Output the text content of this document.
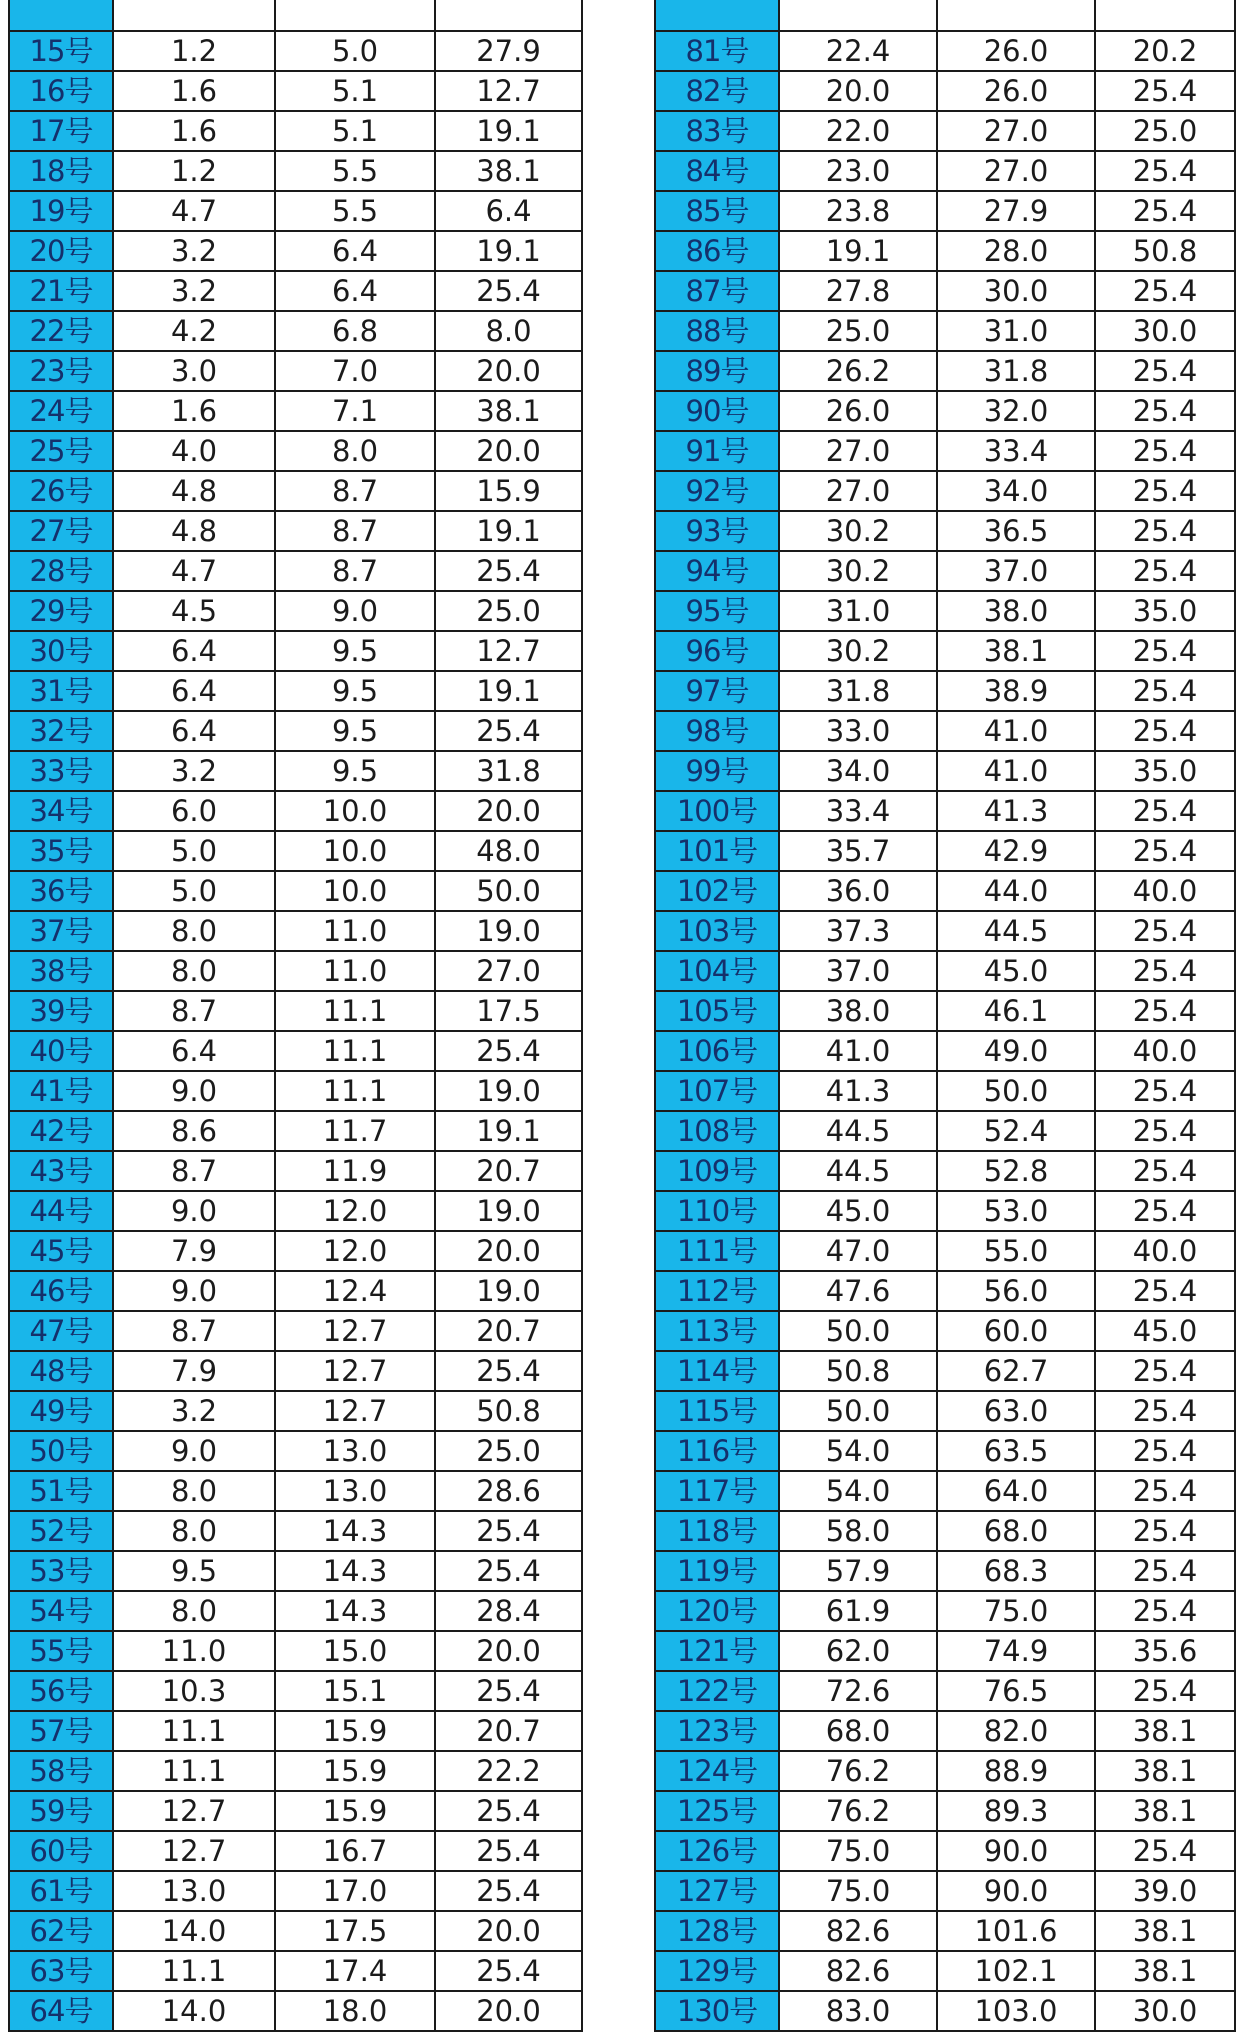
15号	1.2	5.0	27.9
16号	1.6	5.1	12.7
17号	1.6	5.1	19.1
18号	1.2	5.5	38.1
19号	4.7	5.5	6.4
20号	3.2	6.4	19.1
21号	3.2	6.4	25.4
22号	4.2	6.8	8.0
23号	3.0	7.0	20.0
24号	1.6	7.1	38.1
25号	4.0	8.0	20.0
26号	4.8	8.7	15.9
27号	4.8	8.7	19.1
28号	4.7	8.7	25.4
29号	4.5	9.0	25.0
30号	6.4	9.5	12.7
31号	6.4	9.5	19.1
32号	6.4	9.5	25.4
33号	3.2	9.5	31.8
34号	6.0	10.0	20.0
35号	5.0	10.0	48.0
36号	5.0	10.0	50.0
37号	8.0	11.0	19.0
38号	8.0	11.0	27.0
39号	8.7	11.1	17.5
40号	6.4	11.1	25.4
41号	9.0	11.1	19.0
42号	8.6	11.7	19.1
43号	8.7	11.9	20.7
44号	9.0	12.0	19.0
45号	7.9	12.0	20.0
46号	9.0	12.4	19.0
47号	8.7	12.7	20.7
48号	7.9	12.7	25.4
49号	3.2	12.7	50.8
50号	9.0	13.0	25.0
51号	8.0	13.0	28.6
52号	8.0	14.3	25.4
53号	9.5	14.3	25.4
54号	8.0	14.3	28.4
55号	11.0	15.0	20.0
56号	10.3	15.1	25.4
57号	11.1	15.9	20.7
58号	11.1	15.9	22.2
59号	12.7	15.9	25.4
60号	12.7	16.7	25.4
61号	13.0	17.0	25.4
62号	14.0	17.5	20.0
63号	11.1	17.4	25.4
64号	14.0	18.0	20.0

81号	22.4	26.0	20.2
82号	20.0	26.0	25.4
83号	22.0	27.0	25.0
84号	23.0	27.0	25.4
85号	23.8	27.9	25.4
86号	19.1	28.0	50.8
87号	27.8	30.0	25.4
88号	25.0	31.0	30.0
89号	26.2	31.8	25.4
90号	26.0	32.0	25.4
91号	27.0	33.4	25.4
92号	27.0	34.0	25.4
93号	30.2	36.5	25.4
94号	30.2	37.0	25.4
95号	31.0	38.0	35.0
96号	30.2	38.1	25.4
97号	31.8	38.9	25.4
98号	33.0	41.0	25.4
99号	34.0	41.0	35.0
100号	33.4	41.3	25.4
101号	35.7	42.9	25.4
102号	36.0	44.0	40.0
103号	37.3	44.5	25.4
104号	37.0	45.0	25.4
105号	38.0	46.1	25.4
106号	41.0	49.0	40.0
107号	41.3	50.0	25.4
108号	44.5	52.4	25.4
109号	44.5	52.8	25.4
110号	45.0	53.0	25.4
111号	47.0	55.0	40.0
112号	47.6	56.0	25.4
113号	50.0	60.0	45.0
114号	50.8	62.7	25.4
115号	50.0	63.0	25.4
116号	54.0	63.5	25.4
117号	54.0	64.0	25.4
118号	58.0	68.0	25.4
119号	57.9	68.3	25.4
120号	61.9	75.0	25.4
121号	62.0	74.9	35.6
122号	72.6	76.5	25.4
123号	68.0	82.0	38.1
124号	76.2	88.9	38.1
125号	76.2	89.3	38.1
126号	75.0	90.0	25.4
127号	75.0	90.0	39.0
128号	82.6	101.6	38.1
129号	82.6	102.1	38.1
130号	83.0	103.0	30.0
